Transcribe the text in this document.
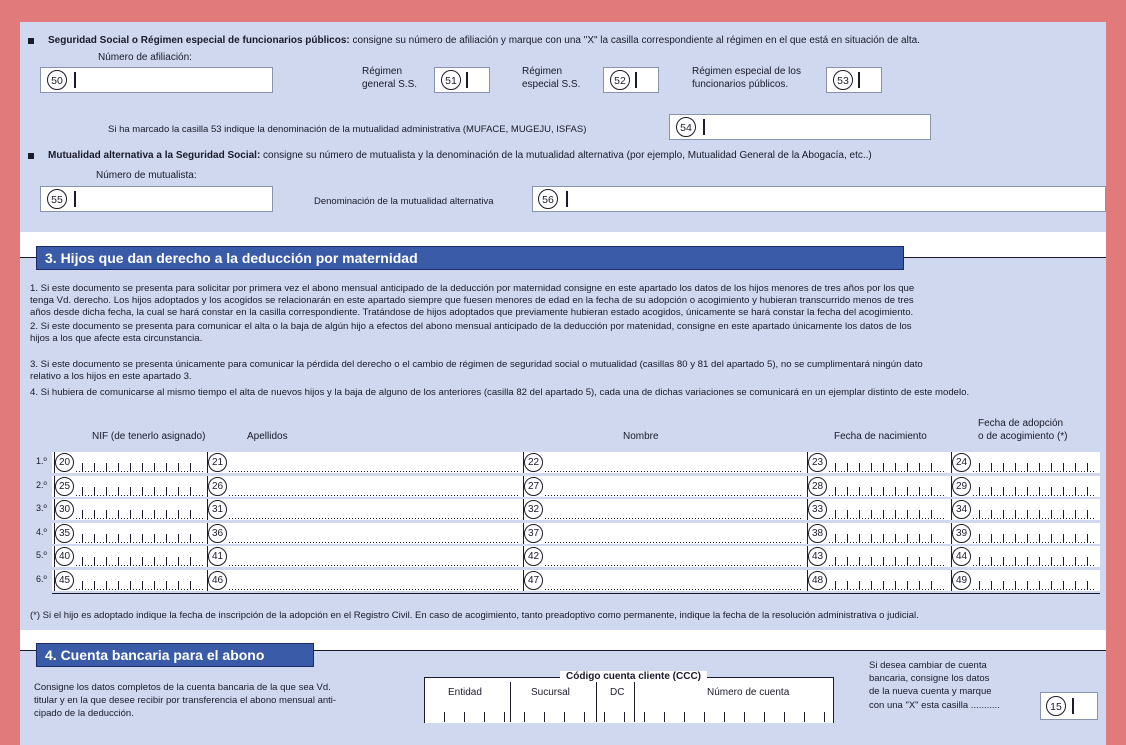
Seguridad Social o Régimen especial de funcionarios públicos: consigne su número de afiliación y marque con una "X" la casilla correspondiente al régimen en el que está en situación de alta.
Número de afiliación:
50
Régimen
general S.S.	51
Régimen
especial S.S.	52
Régimen especial de los
funcionarios públicos.	53
Si ha marcado la casilla 53 indique la denominación de la mutualidad administrativa (MUFACE, MUGEJU, ISFAS)	54
Mutualidad alternativa a la Seguridad Social: consigne su número de mutualista y la denominación de la mutualidad alternativa (por ejemplo, Mutualidad General de la Abogacía, etc..)
Número de mutualista:
55	Denominación de la mutualidad alternativa	56
3. Hijos que dan derecho a la deducción por maternidad
1. Si este documento se presenta para solicitar por primera vez el abono mensual anticipado de la deducción por maternidad consigne en este apartado los datos de los hijos menores de tres años por los que
tenga Vd. derecho. Los hijos adoptados y los acogidos se relacionarán en este apartado siempre que fuesen menores de edad en la fecha de su adopción o acogimiento y hubieran transcurrido menos de tres
años desde dicha fecha, la cual se hará constar en la casilla correspondiente. Tratándose de hijos adoptados que previamente hubieran estado acogidos, únicamente se hará constar la fecha del acogimiento.
2. Si este documento se presenta para comunicar el alta o la baja de algún hijo a efectos del abono mensual anticipado de la deducción por matenidad, consigne en este apartado únicamente los datos de los
hijos a los que afecte esta circunstancia.
3. Si este documento se presenta únicamente para comunicar la pérdida del derecho o el cambio de régimen de seguridad social o mutualidad (casillas 80 y 81 del apartado 5), no se cumplimentará ningún dato
relativo a los hijos en este apartado 3.
4. Si hubiera de comunicarse al mismo tiempo el alta de nuevos hijos y la baja de alguno de los anteriores (casilla 82 del apartado 5), cada una de dichas variaciones se comunicará en un ejemplar distinto de este modelo.
NIF (de tenerlo asignado)	Apellidos	Nombre	Fecha de nacimiento
Fecha de adopción
o de acogimiento (*)
1.º	20	21	22	23	24
2.º	25	26	27	28	29
3.º	30	31	32	33	34
4.º	35	36	37	38	39
5.º	40	41	42	43	44
6.º	45	46	47	48	49
(*) Si el hijo es adoptado indique la fecha de inscripción de la adopción en el Registro Civil. En caso de acogimiento, tanto preadoptivo como permanente, indique la fecha de la resolución administrativa o judicial.
4. Cuenta bancaria para el abono
Consigne los datos completos de la cuenta bancaria de la que sea Vd.
titular y en la que desee recibir por transferencia el abono mensual anti-
cipado de la deducción.
Código cuenta cliente (CCC)
Entidad	Sucursal	DC	Número de cuenta
Si desea cambiar de cuenta
bancaria, consigne los datos
de la nueva cuenta y marque
con una "X" esta casilla ...........	15
